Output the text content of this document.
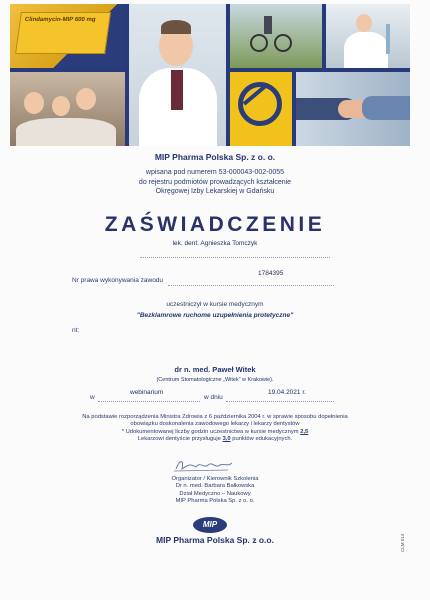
Clindamycin-MIP 600 mg
MIP Pharma Polska Sp. z o. o.
wpisana pod numerem 53-000043-002-0055
do rejestru podmiotów prowadzących kształcenie
Okręgowej Izby Lekarskiej w Gdańsku
ZAŚWIADCZENIE
lek. dent. Agnieszka Tomczyk
Nr prawa wykonywania zawodu
1784395
uczestniczył w kursie medycznym
"Bezklamrowe ruchome uzupełnienia protetyczne"
nt:
dr n. med. Paweł Witek
(Centrum Stomatologiczne „Witek” w Krakowie).
w
webinarium
w dniu
19.04.2021 r.
Na podstawie rozporządzenia Ministra Zdrowia z 6 października 2004 r. w sprawie sposobu dopełnienia
obowiązku doskonalenia zawodowego lekarzy i lekarzy dentystów
* Udokumentowanej liczby godzin uczestnictwa w kursie medycznym 2,5
Lekarzowi dentyście przysługuje 3,0 punktów edukacyjnych.
Organizator / Kierownik Szkolenia
Dr n. med. Barbara Bałkowska
Dział Medyczno – Naukowy
MIP Pharma Polska Sp. z o. o.
MIP
MIP Pharma Polska Sp. z o.o.	CLM 014
